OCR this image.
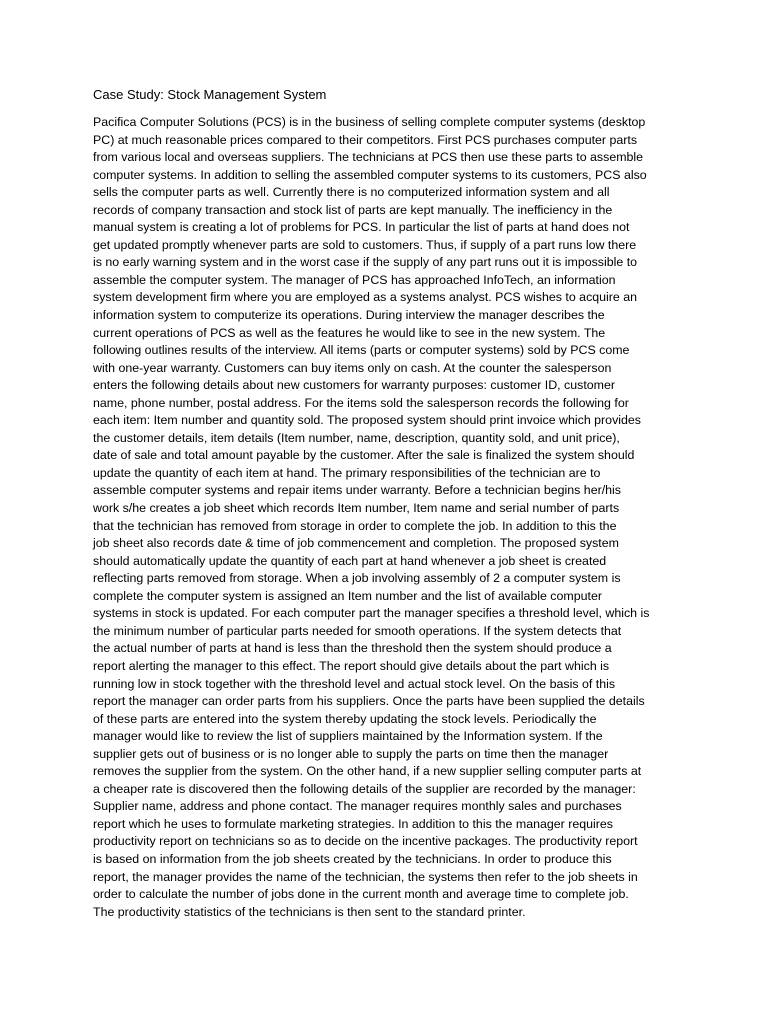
Case Study: Stock Management System
Pacifica Computer Solutions (PCS) is in the business of selling complete computer systems (desktop
PC) at much reasonable prices compared to their competitors. First PCS purchases computer parts
from various local and overseas suppliers. The technicians at PCS then use these parts to assemble
computer systems. In addition to selling the assembled computer systems to its customers, PCS also
sells the computer parts as well. Currently there is no computerized information system and all
records of company transaction and stock list of parts are kept manually. The inefficiency in the
manual system is creating a lot of problems for PCS. In particular the list of parts at hand does not
get updated promptly whenever parts are sold to customers. Thus, if supply of a part runs low there
is no early warning system and in the worst case if the supply of any part runs out it is impossible to
assemble the computer system. The manager of PCS has approached InfoTech, an information
system development firm where you are employed as a systems analyst. PCS wishes to acquire an
information system to computerize its operations. During interview the manager describes the
current operations of PCS as well as the features he would like to see in the new system. The
following outlines results of the interview. All items (parts or computer systems) sold by PCS come
with one-year warranty. Customers can buy items only on cash. At the counter the salesperson
enters the following details about new customers for warranty purposes: customer ID, customer
name, phone number, postal address. For the items sold the salesperson records the following for
each item: Item number and quantity sold. The proposed system should print invoice which provides
the customer details, item details (Item number, name, description, quantity sold, and unit price),
date of sale and total amount payable by the customer. After the sale is finalized the system should
update the quantity of each item at hand. The primary responsibilities of the technician are to
assemble computer systems and repair items under warranty. Before a technician begins her/his
work s/he creates a job sheet which records Item number, Item name and serial number of parts
that the technician has removed from storage in order to complete the job. In addition to this the
job sheet also records date & time of job commencement and completion. The proposed system
should automatically update the quantity of each part at hand whenever a job sheet is created
reflecting parts removed from storage. When a job involving assembly of 2 a computer system is
complete the computer system is assigned an Item number and the list of available computer
systems in stock is updated. For each computer part the manager specifies a threshold level, which is
the minimum number of particular parts needed for smooth operations. If the system detects that
the actual number of parts at hand is less than the threshold then the system should produce a
report alerting the manager to this effect. The report should give details about the part which is
running low in stock together with the threshold level and actual stock level. On the basis of this
report the manager can order parts from his suppliers. Once the parts have been supplied the details
of these parts are entered into the system thereby updating the stock levels. Periodically the
manager would like to review the list of suppliers maintained by the Information system. If the
supplier gets out of business or is no longer able to supply the parts on time then the manager
removes the supplier from the system. On the other hand, if a new supplier selling computer parts at
a cheaper rate is discovered then the following details of the supplier are recorded by the manager:
Supplier name, address and phone contact. The manager requires monthly sales and purchases
report which he uses to formulate marketing strategies. In addition to this the manager requires
productivity report on technicians so as to decide on the incentive packages. The productivity report
is based on information from the job sheets created by the technicians. In order to produce this
report, the manager provides the name of the technician, the systems then refer to the job sheets in
order to calculate the number of jobs done in the current month and average time to complete job.
The productivity statistics of the technicians is then sent to the standard printer.
